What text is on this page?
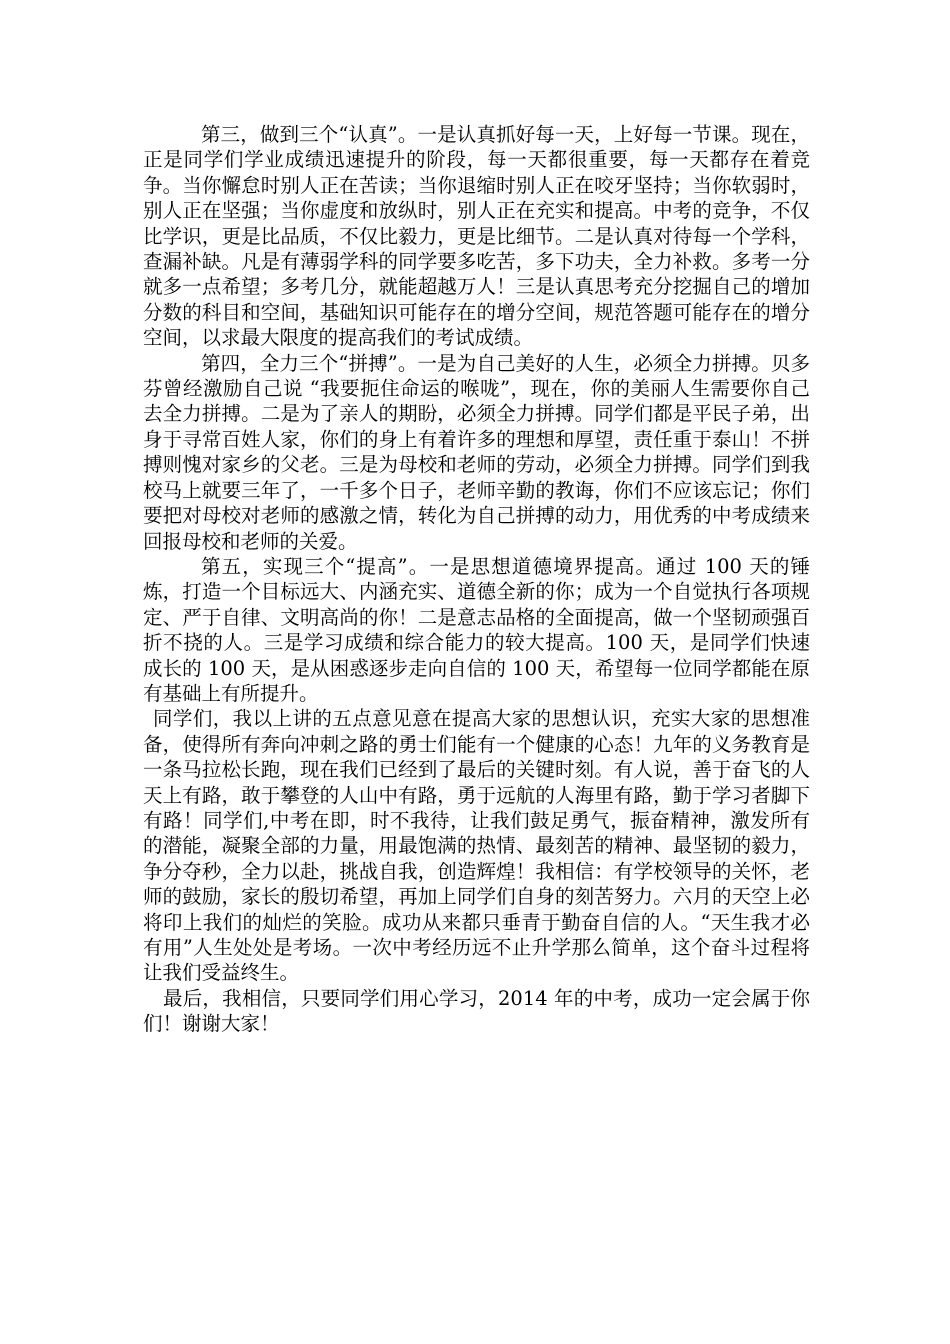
第三，做到三个“认真”。一是认真抓好每一天，上好每一节课。现在，正是同学们学业成绩迅速提升的阶段，每一天都很重要，每一天都存在着竞争。当你懈怠时别人正在苦读；当你退缩时别人正在咬牙坚持；当你软弱时，别人正在坚强；当你虚度和放纵时，别人正在充实和提高。中考的竞争，不仅比学识，更是比品质，不仅比毅力，更是比细节。二是认真对待每一个学科，查漏补缺。凡是有薄弱学科的同学要多吃苦，多下功夫，全力补救。多考一分就多一点希望；多考几分，就能超越万人！三是认真思考充分挖掘自己的增加分数的科目和空间，基础知识可能存在的增分空间，规范答题可能存在的增分空间，以求最大限度的提高我们的考试成绩。

第四，全力三个“拼搏”。一是为自己美好的人生，必须全力拼搏。贝多芬曾经激励自己说 “我要扼住命运的喉咙”，现在，你的美丽人生需要你自己去全力拼搏。二是为了亲人的期盼，必须全力拼搏。同学们都是平民子弟，出身于寻常百姓人家，你们的身上有着许多的理想和厚望，责任重于泰山！不拼搏则愧对家乡的父老。三是为母校和老师的劳动，必须全力拼搏。同学们到我校马上就要三年了，一千多个日子，老师辛勤的教诲，你们不应该忘记；你们要把对母校对老师的感激之情，转化为自己拼搏的动力，用优秀的中考成绩来回报母校和老师的关爱。

第五，实现三个“提高”。一是思想道德境界提高。通过 100 天的锤炼，打造一个目标远大、内涵充实、道德全新的你；成为一个自觉执行各项规定、严于自律、文明高尚的你！二是意志品格的全面提高，做一个坚韧顽强百折不挠的人。三是学习成绩和综合能力的较大提高。100 天，是同学们快速成长的 100 天，是从困惑逐步走向自信的 100 天，希望每一位同学都能在原有基础上有所提升。

同学们，我以上讲的五点意见意在提高大家的思想认识，充实大家的思想准备，使得所有奔向冲刺之路的勇士们能有一个健康的心态！九年的义务教育是一条马拉松长跑，现在我们已经到了最后的关键时刻。有人说，善于奋飞的人天上有路，敢于攀登的人山中有路，勇于远航的人海里有路，勤于学习者脚下有路！同学们,中考在即，时不我待，让我们鼓足勇气，振奋精神，激发所有的潜能，凝聚全部的力量，用最饱满的热情、最刻苦的精神、最坚韧的毅力，争分夺秒，全力以赴，挑战自我，创造辉煌！我相信：有学校领导的关怀，老师的鼓励，家长的殷切希望，再加上同学们自身的刻苦努力。六月的天空上必将印上我们的灿烂的笑脸。成功从来都只垂青于勤奋自信的人。“天生我才必有用”人生处处是考场。一次中考经历远不止升学那么简单，这个奋斗过程将让我们受益终生。

最后，我相信，只要同学们用心学习，2014 年的中考，成功一定会属于你们！谢谢大家！
